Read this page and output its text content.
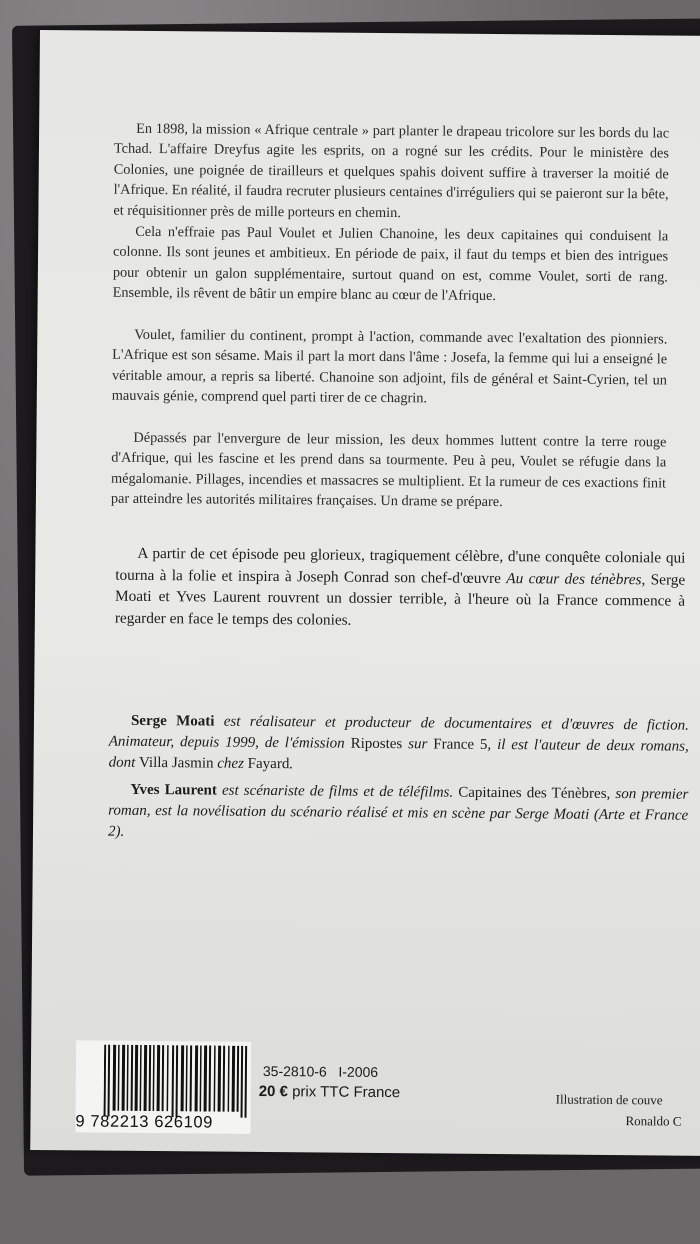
En 1898, la mission « Afrique centrale » part planter le drapeau tricolore sur les bords du lac Tchad. L'affaire Dreyfus agite les esprits, on a rogné sur les crédits. Pour le ministère des Colonies, une poignée de tirailleurs et quelques spahis doivent suffire à traverser la moitié de l'Afrique. En réalité, il faudra recruter plusieurs centaines d'irréguliers qui se paieront sur la bête, et réquisitionner près de mille porteurs en chemin.

Cela n'effraie pas Paul Voulet et Julien Chanoine, les deux capitaines qui conduisent la colonne. Ils sont jeunes et ambitieux. En période de paix, il faut du temps et bien des intrigues pour obtenir un galon supplémentaire, surtout quand on est, comme Voulet, sorti de rang. Ensemble, ils rêvent de bâtir un empire blanc au cœur de l'Afrique.

Voulet, familier du continent, prompt à l'action, commande avec l'exaltation des pionniers. L'Afrique est son sésame. Mais il part la mort dans l'âme : Josefa, la femme qui lui a enseigné le véritable amour, a repris sa liberté. Chanoine son adjoint, fils de général et Saint-Cyrien, tel un mauvais génie, comprend quel parti tirer de ce chagrin.

Dépassés par l'envergure de leur mission, les deux hommes luttent contre la terre rouge d'Afrique, qui les fascine et les prend dans sa tourmente. Peu à peu, Voulet se réfugie dans la mégalomanie. Pillages, incendies et massacres se multiplient. Et la rumeur de ces exactions finit par atteindre les autorités militaires françaises. Un drame se prépare.

A partir de cet épisode peu glorieux, tragiquement célèbre, d'une conquête coloniale qui tourna à la folie et inspira à Joseph Conrad son chef-d'œuvre Au cœur des ténèbres, Serge Moati et Yves Laurent rouvrent un dossier terrible, à l'heure où la France commence à regarder en face le temps des colonies.

Serge Moati est réalisateur et producteur de documentaires et d'œuvres de fiction. Animateur, depuis 1999, de l'émission Ripostes sur France 5, il est l'auteur de deux romans, dont Villa Jasmin chez Fayard.

Yves Laurent est scénariste de films et de téléfilms. Capitaines des Ténèbres, son premier roman, est la novélisation du scénario réalisé et mis en scène par Serge Moati (Arte et France 2).

9 782213 626109
35-2810-6 I-2006
20 € prix TTC France	Illustration de couve
Ronaldo C
